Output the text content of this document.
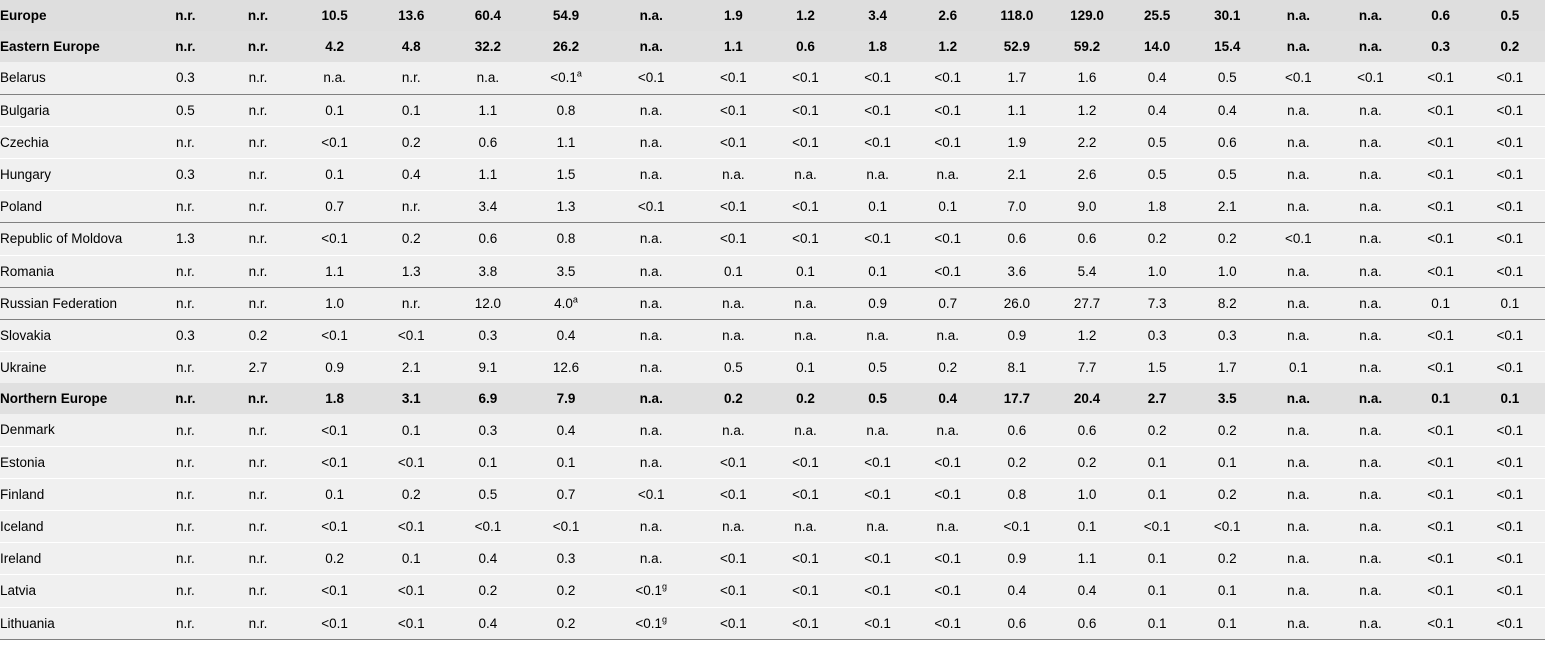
Europe	n.r.	n.r.	10.5	13.6	60.4	54.9	n.a.	1.9	1.2	3.4	2.6	118.0	129.0	25.5	30.1	n.a.	n.a.	0.6	0.5
Eastern Europe	n.r.	n.r.	4.2	4.8	32.2	26.2	n.a.	1.1	0.6	1.8	1.2	52.9	59.2	14.0	15.4	n.a.	n.a.	0.3	0.2
Belarus	0.3	n.r.	n.a.	n.r.	n.a.	<0.1$^a$	<0.1	<0.1	<0.1	<0.1	<0.1	1.7	1.6	0.4	0.5	<0.1	<0.1	<0.1	<0.1
Bulgaria	0.5	n.r.	0.1	0.1	1.1	0.8	n.a.	<0.1	<0.1	<0.1	<0.1	1.1	1.2	0.4	0.4	n.a.	n.a.	<0.1	<0.1
Czechia	n.r.	n.r.	<0.1	0.2	0.6	1.1	n.a.	<0.1	<0.1	<0.1	<0.1	1.9	2.2	0.5	0.6	n.a.	n.a.	<0.1	<0.1
Hungary	0.3	n.r.	0.1	0.4	1.1	1.5	n.a.	n.a.	n.a.	n.a.	n.a.	2.1	2.6	0.5	0.5	n.a.	n.a.	<0.1	<0.1
Poland	n.r.	n.r.	0.7	n.r.	3.4	1.3	<0.1	<0.1	<0.1	0.1	0.1	7.0	9.0	1.8	2.1	n.a.	n.a.	<0.1	<0.1
Republic of Moldova	1.3	n.r.	<0.1	0.2	0.6	0.8	n.a.	<0.1	<0.1	<0.1	<0.1	0.6	0.6	0.2	0.2	<0.1	n.a.	<0.1	<0.1
Romania	n.r.	n.r.	1.1	1.3	3.8	3.5	n.a.	0.1	0.1	0.1	<0.1	3.6	5.4	1.0	1.0	n.a.	n.a.	<0.1	<0.1
Russian Federation	n.r.	n.r.	1.0	n.r.	12.0	4.0$^a$	n.a.	n.a.	n.a.	0.9	0.7	26.0	27.7	7.3	8.2	n.a.	n.a.	0.1	0.1
Slovakia	0.3	0.2	<0.1	<0.1	0.3	0.4	n.a.	n.a.	n.a.	n.a.	n.a.	0.9	1.2	0.3	0.3	n.a.	n.a.	<0.1	<0.1
Ukraine	n.r.	2.7	0.9	2.1	9.1	12.6	n.a.	0.5	0.1	0.5	0.2	8.1	7.7	1.5	1.7	0.1	n.a.	<0.1	<0.1
Northern Europe	n.r.	n.r.	1.8	3.1	6.9	7.9	n.a.	0.2	0.2	0.5	0.4	17.7	20.4	2.7	3.5	n.a.	n.a.	0.1	0.1
Denmark	n.r.	n.r.	<0.1	0.1	0.3	0.4	n.a.	n.a.	n.a.	n.a.	n.a.	0.6	0.6	0.2	0.2	n.a.	n.a.	<0.1	<0.1
Estonia	n.r.	n.r.	<0.1	<0.1	0.1	0.1	n.a.	<0.1	<0.1	<0.1	<0.1	0.2	0.2	0.1	0.1	n.a.	n.a.	<0.1	<0.1
Finland	n.r.	n.r.	0.1	0.2	0.5	0.7	<0.1	<0.1	<0.1	<0.1	<0.1	0.8	1.0	0.1	0.2	n.a.	n.a.	<0.1	<0.1
Iceland	n.r.	n.r.	<0.1	<0.1	<0.1	<0.1	n.a.	n.a.	n.a.	n.a.	n.a.	<0.1	0.1	<0.1	<0.1	n.a.	n.a.	<0.1	<0.1
Ireland	n.r.	n.r.	0.2	0.1	0.4	0.3	n.a.	<0.1	<0.1	<0.1	<0.1	0.9	1.1	0.1	0.2	n.a.	n.a.	<0.1	<0.1
Latvia	n.r.	n.r.	<0.1	<0.1	0.2	0.2	<0.1$^g$	<0.1	<0.1	<0.1	<0.1	0.4	0.4	0.1	0.1	n.a.	n.a.	<0.1	<0.1
Lithuania	n.r.	n.r.	<0.1	<0.1	0.4	0.2	<0.1$^g$	<0.1	<0.1	<0.1	<0.1	0.6	0.6	0.1	0.1	n.a.	n.a.	<0.1	<0.1
